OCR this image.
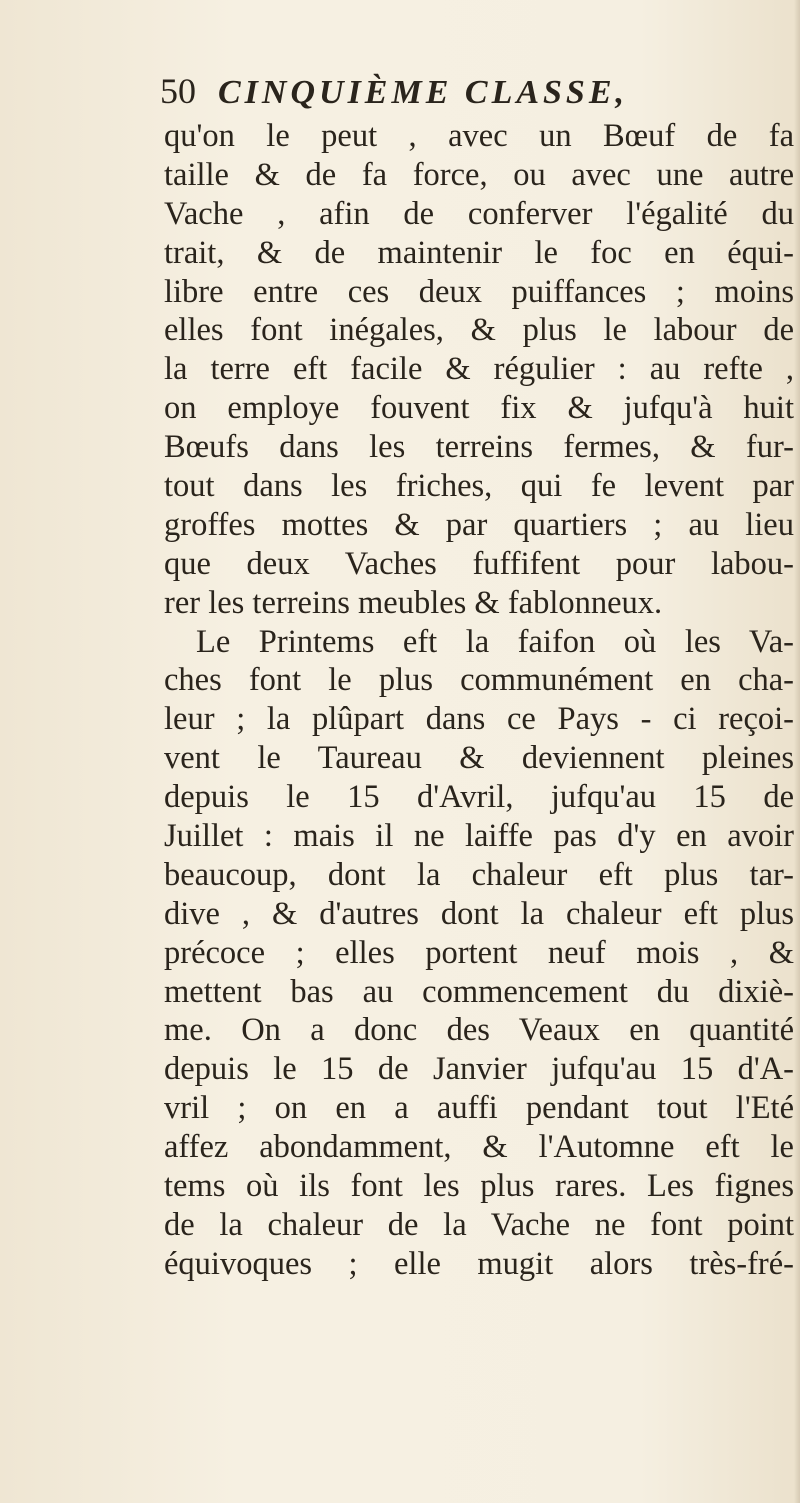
50 CINQUIÈME CLASSE,
qu'on le peut , avec un Bœuf de fa
taille & de fa force, ou avec une autre
Vache , afin de conferver l'égalité du
trait, & de maintenir le foc en équi-
libre entre ces deux puiffances ; moins
elles font inégales, & plus le labour de
la terre eft facile & régulier : au refte ,
on employe fouvent fix & jufqu'à huit
Bœufs dans les terreins fermes, & fur-
tout dans les friches, qui fe levent par
groffes mottes & par quartiers ; au lieu
que deux Vaches fuffifent pour labou-
rer les terreins meubles & fablonneux.
Le Printems eft la faifon où les Va-
ches font le plus communément en cha-
leur ; la plûpart dans ce Pays - ci reçoi-
vent le Taureau & deviennent pleines
depuis le 15 d'Avril, jufqu'au 15 de
Juillet : mais il ne laiffe pas d'y en avoir
beaucoup, dont la chaleur eft plus tar-
dive , & d'autres dont la chaleur eft plus
précoce ; elles portent neuf mois , &
mettent bas au commencement du dixiè-
me. On a donc des Veaux en quantité
depuis le 15 de Janvier jufqu'au 15 d'A-
vril ; on en a auffi pendant tout l'Eté
affez abondamment, & l'Automne eft le
tems où ils font les plus rares. Les fignes
de la chaleur de la Vache ne font point
équivoques ; elle mugit alors très-fré-
